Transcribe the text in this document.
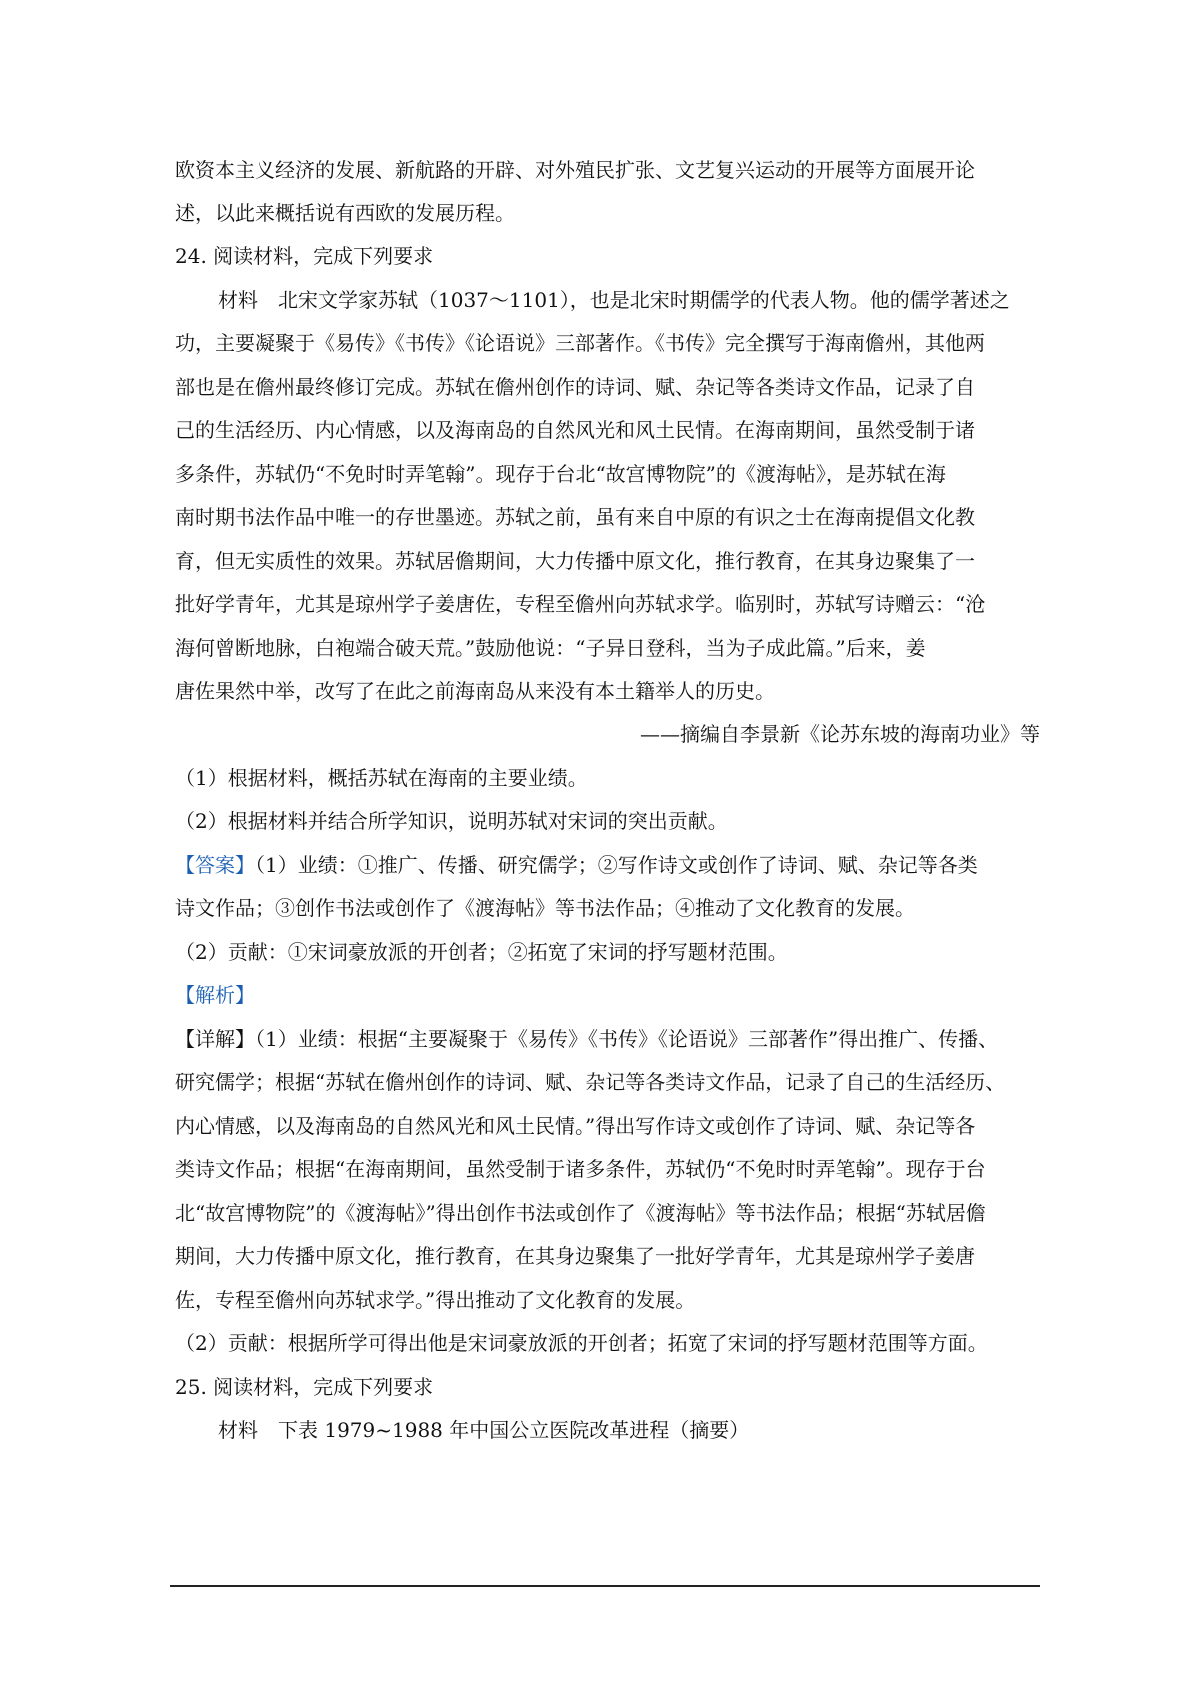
欧资本主义经济的发展、新航路的开辟、对外殖民扩张、文艺复兴运动的开展等方面展开论
述，以此来概括说有西欧的发展历程。
24. 阅读材料，完成下列要求
材料　北宋文学家苏轼（1037～1101），也是北宋时期儒学的代表人物。他的儒学著述之
功，主要凝聚于《易传》《书传》《论语说》三部著作。《书传》完全撰写于海南儋州，其他两
部也是在儋州最终修订完成。苏轼在儋州创作的诗词、赋、杂记等各类诗文作品，记录了自
己的生活经历、内心情感，以及海南岛的自然风光和风土民情。在海南期间，虽然受制于诸
多条件，苏轼仍“不免时时弄笔翰”。现存于台北“故宫博物院”的《渡海帖》，是苏轼在海
南时期书法作品中唯一的存世墨迹。苏轼之前，虽有来自中原的有识之士在海南提倡文化教
育，但无实质性的效果。苏轼居儋期间，大力传播中原文化，推行教育，在其身边聚集了一
批好学青年，尤其是琼州学子姜唐佐，专程至儋州向苏轼求学。临别时，苏轼写诗赠云：“沧
海何曾断地脉，白袍端合破天荒。”鼓励他说：“子异日登科，当为子成此篇。”后来，姜
唐佐果然中举，改写了在此之前海南岛从来没有本土籍举人的历史。
——摘编自李景新《论苏东坡的海南功业》等
（1）根据材料，概括苏轼在海南的主要业绩。
（2）根据材料并结合所学知识，说明苏轼对宋词的突出贡献。
【答案】（1）业绩：①推广、传播、研究儒学；②写作诗文或创作了诗词、赋、杂记等各类
诗文作品；③创作书法或创作了《渡海帖》等书法作品；④推动了文化教育的发展。
（2）贡献：①宋词豪放派的开创者；②拓宽了宋词的抒写题材范围。
【解析】
【详解】（1）业绩：根据“主要凝聚于《易传》《书传》《论语说》三部著作”得出推广、传播、
研究儒学；根据“苏轼在儋州创作的诗词、赋、杂记等各类诗文作品，记录了自己的生活经历、
内心情感，以及海南岛的自然风光和风土民情。”得出写作诗文或创作了诗词、赋、杂记等各
类诗文作品；根据“在海南期间，虽然受制于诸多条件，苏轼仍“不免时时弄笔翰”。现存于台
北“故宫博物院”的《渡海帖》”得出创作书法或创作了《渡海帖》等书法作品；根据“苏轼居儋
期间，大力传播中原文化，推行教育，在其身边聚集了一批好学青年，尤其是琼州学子姜唐
佐，专程至儋州向苏轼求学。”得出推动了文化教育的发展。
（2）贡献：根据所学可得出他是宋词豪放派的开创者；拓宽了宋词的抒写题材范围等方面。
25. 阅读材料，完成下列要求
材料　下表 1979~1988 年中国公立医院改革进程（摘要）
